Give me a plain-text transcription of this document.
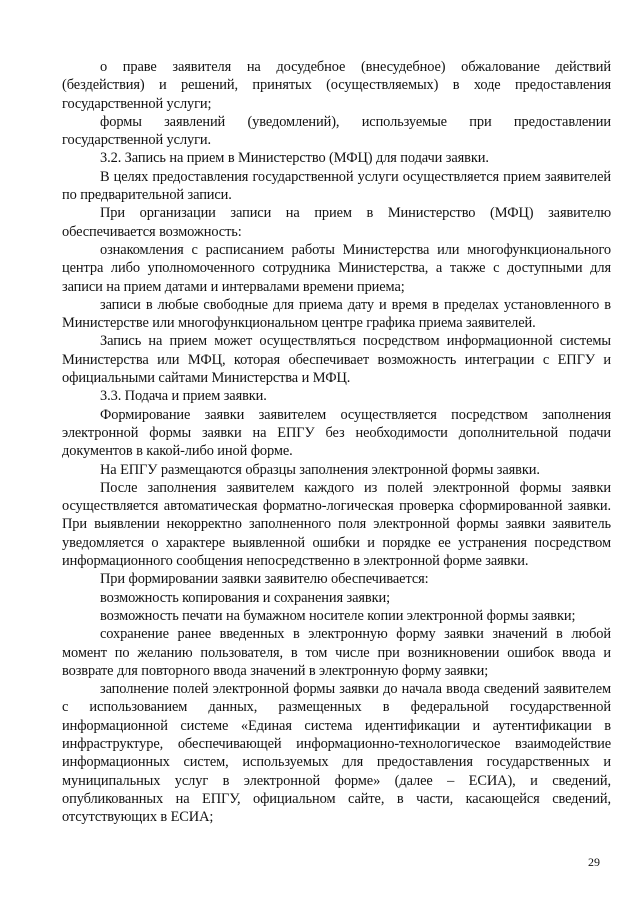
о праве заявителя на досудебное (внесудебное) обжалование действий (бездействия) и решений, принятых (осуществляемых) в ходе предоставления государственной услуги;

формы заявлений (уведомлений), используемые при предоставлении государственной услуги.

3.2. Запись на прием в Министерство (МФЦ) для подачи заявки.

В целях предоставления государственной услуги осуществляется прием заявителей по предварительной записи.

При организации записи на прием в Министерство (МФЦ) заявителю обеспечивается возможность:

ознакомления с расписанием работы Министерства или многофункционального центра либо уполномоченного сотрудника Министерства, а также с доступными для записи на прием датами и интервалами времени приема;

записи в любые свободные для приема дату и время в пределах установленного в Министерстве или многофункциональном центре графика приема заявителей.

Запись на прием может осуществляться посредством информационной системы Министерства или МФЦ, которая обеспечивает возможность интеграции с ЕПГУ и официальными сайтами Министерства и МФЦ.

3.3. Подача и прием заявки.

Формирование заявки заявителем осуществляется посредством заполнения электронной формы заявки на ЕПГУ без необходимости дополнительной подачи документов в какой-либо иной форме.

На ЕПГУ размещаются образцы заполнения электронной формы заявки.

После заполнения заявителем каждого из полей электронной формы заявки осуществляется автоматическая форматно-логическая проверка сформированной заявки. При выявлении некорректно заполненного поля электронной формы заявки заявитель уведомляется о характере выявленной ошибки и порядке ее устранения посредством информационного сообщения непосредственно в электронной форме заявки.

При формировании заявки заявителю обеспечивается:

возможность копирования и сохранения заявки;

возможность печати на бумажном носителе копии электронной формы заявки;

сохранение ранее введенных в электронную форму заявки значений в любой момент по желанию пользователя, в том числе при возникновении ошибок ввода и возврате для повторного ввода значений в электронную форму заявки;

заполнение полей электронной формы заявки до начала ввода сведений заявителем с использованием данных, размещенных в федеральной государственной информационной системе «Единая система идентификации и аутентификации в инфраструктуре, обеспечивающей информационно-технологическое взаимодействие информационных систем, используемых для предоставления государственных и муниципальных услуг в электронной форме» (далее – ЕСИА), и сведений, опубликованных на ЕПГУ, официальном сайте, в части, касающейся сведений, отсутствующих в ЕСИА;

29
